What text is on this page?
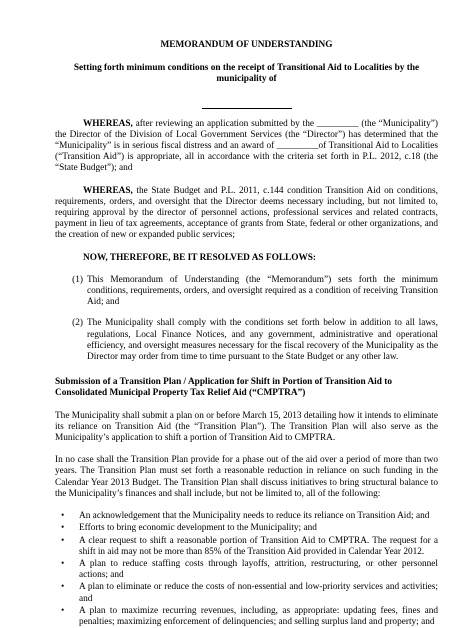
MEMORANDUM OF UNDERSTANDING
Setting forth minimum conditions on the receipt of Transitional Aid to Localities by the municipality of

WHEREAS, after reviewing an application submitted by the _________ (the “Municipality”) the Director of the Division of Local Government Services (the “Director”) has determined that the “Municipality” is in serious fiscal distress and an award of _________of Transitional Aid to Localities (“Transition Aid”) is appropriate, all in accordance with the criteria set forth in P.L. 2012, c.18 (the “State Budget”); and

WHEREAS, the State Budget and P.L. 2011, c.144 condition Transition Aid on conditions, requirements, orders, and oversight that the Director deems necessary including, but not limited to, requiring approval by the director of personnel actions, professional services and related contracts, payment in lieu of tax agreements, acceptance of grants from State, federal or other organizations, and the creation of new or expanded public services;

NOW, THEREFORE, BE IT RESOLVED AS FOLLOWS:
(1) This Memorandum of Understanding (the “Memorandum”) sets forth the minimum conditions, requirements, orders, and oversight required as a condition of receiving Transition Aid; and
(2) The Municipality shall comply with the conditions set forth below in addition to all laws, regulations, Local Finance Notices, and any government, administrative and operational efficiency, and oversight measures necessary for the fiscal recovery of the Municipality as the Director may order from time to time pursuant to the State Budget or any other law.
Submission of a Transition Plan / Application for Shift in Portion of Transition Aid to Consolidated Municipal Property Tax Relief Aid (“CMPTRA”)

The Municipality shall submit a plan on or before March 15, 2013 detailing how it intends to eliminate its reliance on Transition Aid (the “Transition Plan”). The Transition Plan will also serve as the Municipality’s application to shift a portion of Transition Aid to CMPTRA.

In no case shall the Transition Plan provide for a phase out of the aid over a period of more than two years. The Transition Plan must set forth a reasonable reduction in reliance on such funding in the Calendar Year 2013 Budget. The Transition Plan shall discuss initiatives to bring structural balance to the Municipality’s finances and shall include, but not be limited to, all of the following:

•	An acknowledgement that the Municipality needs to reduce its reliance on Transition Aid; and
•	Efforts to bring economic development to the Municipality; and
•	A clear request to shift a reasonable portion of Transition Aid to CMPTRA. The request for a shift in aid may not be more than 85% of the Transition Aid provided in Calendar Year 2012.
•	A plan to reduce staffing costs through layoffs, attrition, restructuring, or other personnel actions; and
•	A plan to eliminate or reduce the costs of non-essential and low-priority services and activities; and
•	A plan to maximize recurring revenues, including, as appropriate: updating fees, fines and penalties; maximizing enforcement of delinquencies; and selling surplus land and property; and
